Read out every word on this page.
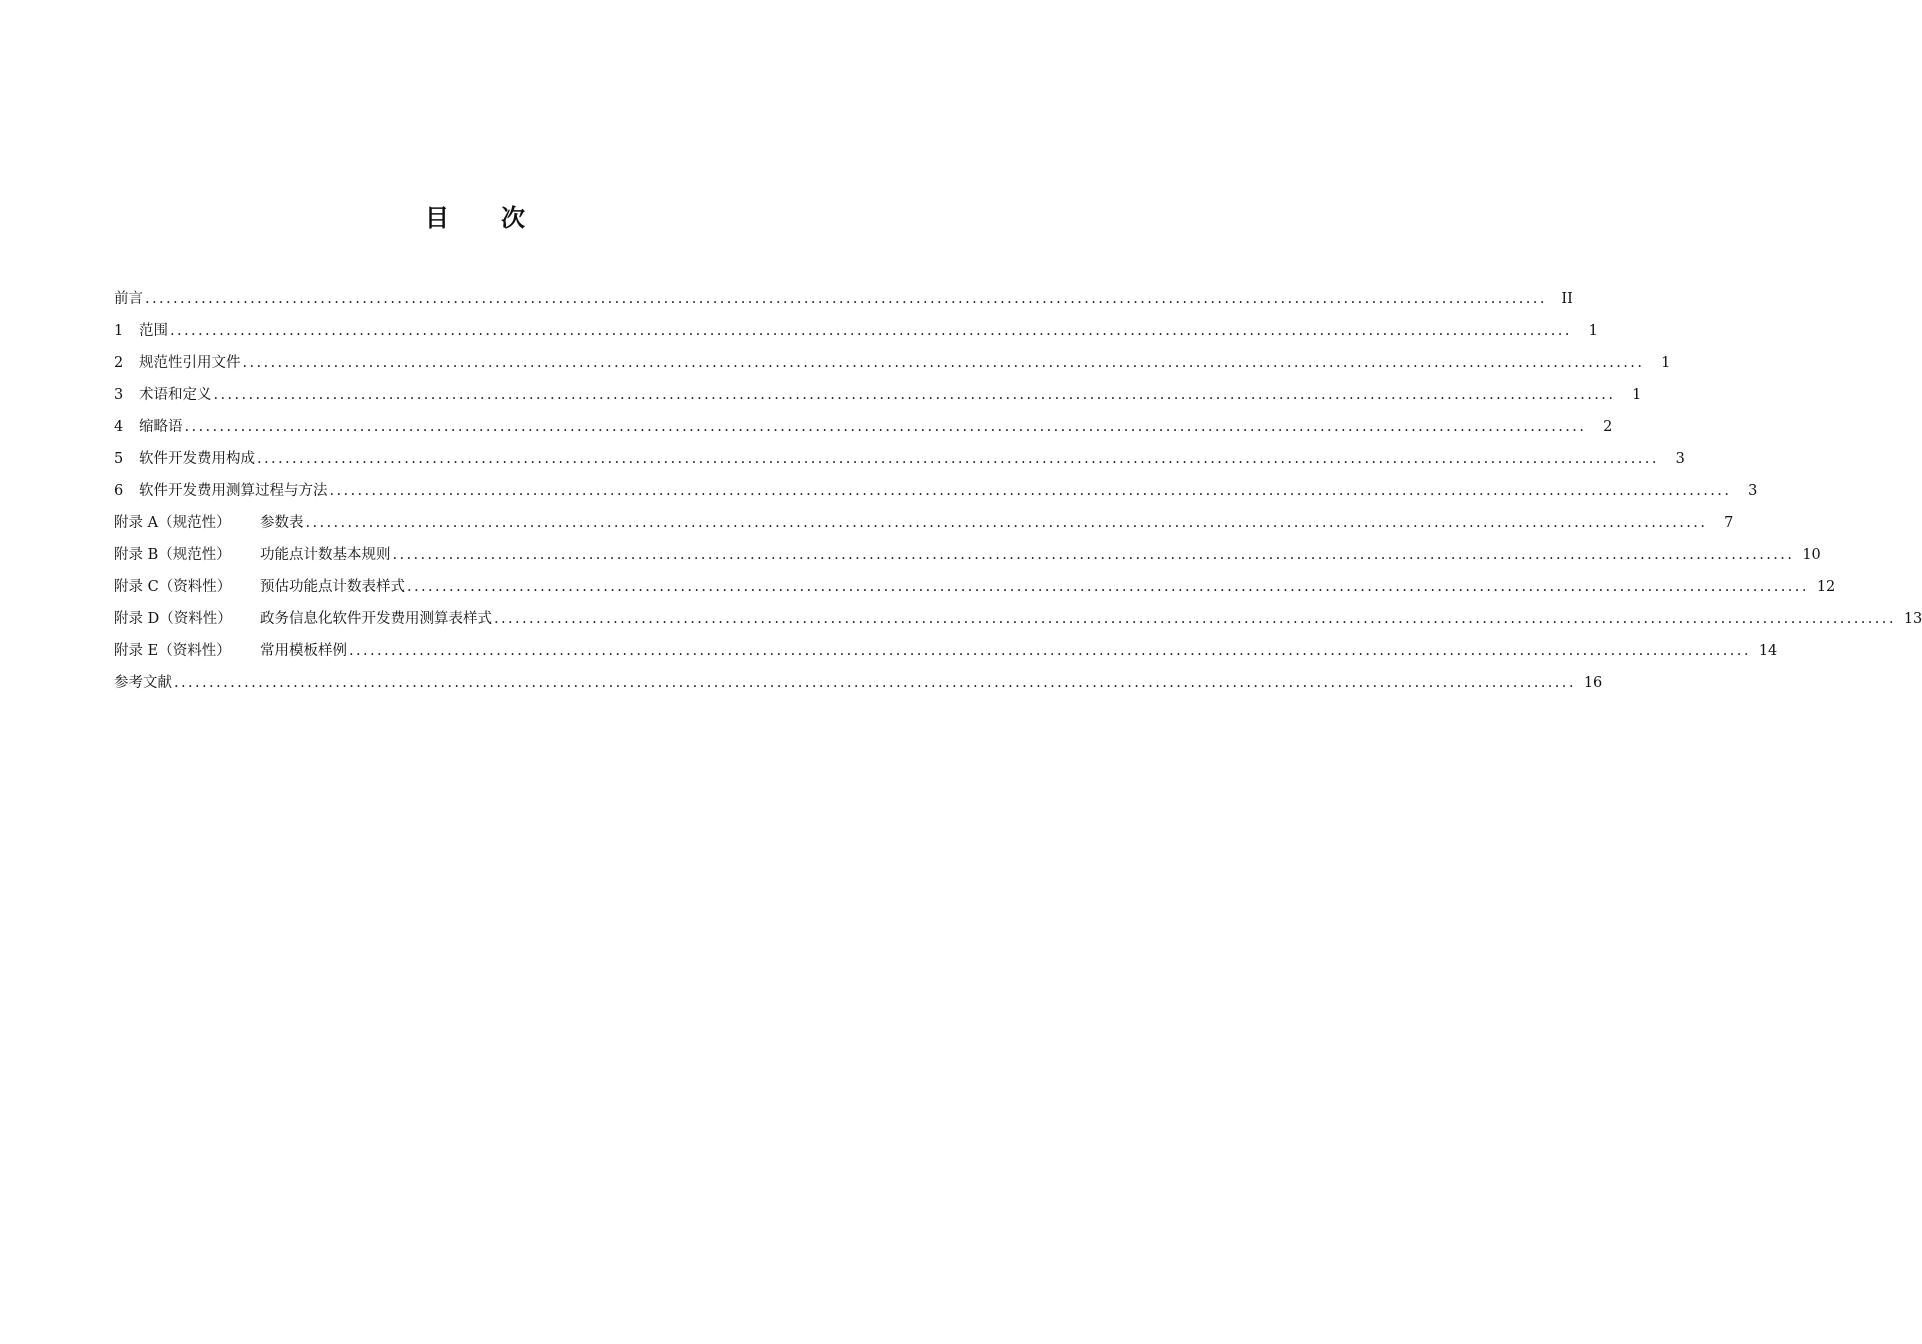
目 次
前言 ........................................................................................................................................................................................................	II
1	范围 ........................................................................................................................................................................................................	1
2	规范性引用文件 ........................................................................................................................................................................................................	1
3	术语和定义 ........................................................................................................................................................................................................	1
4	缩略语 ........................................................................................................................................................................................................	2
5	软件开发费用构成 ........................................................................................................................................................................................................	3
6	软件开发费用测算过程与方法 ........................................................................................................................................................................................................	3
附录 A（规范性）	参数表 ........................................................................................................................................................................................................	7
附录 B（规范性）	功能点计数基本规则 ........................................................................................................................................................................................................ 10
附录 C（资料性）	预估功能点计数表样式 ........................................................................................................................................................................................................ 12
附录 D（资料性）	政务信息化软件开发费用测算表样式 ........................................................................................................................................................................................................ 13
附录 E（资料性）	常用模板样例 ........................................................................................................................................................................................................ 14
参考文献 ........................................................................................................................................................................................................ 16
